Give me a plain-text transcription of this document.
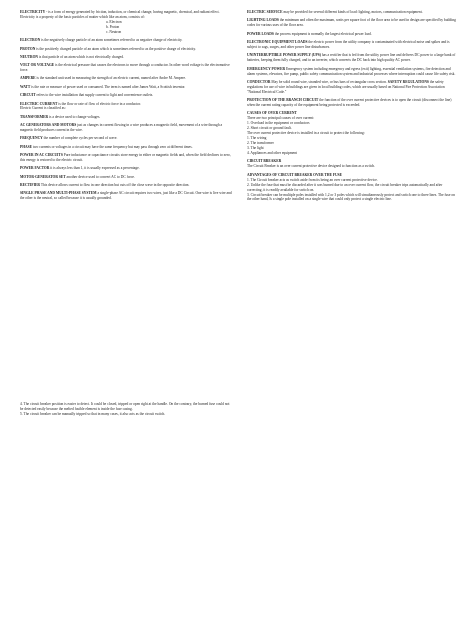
ELECTRICITY - is a form of energy generated by friction, induction, or chemical change, having magnetic, chemical, and radiant effect.
Electricity is a property of the basic particles of matter which like an atom, consists of:
a. Electron
b. Proton
c. Neutron

ELECTRON is the negatively charge particle of an atom sometimes referred to as negative charge of electricity.

PROTON is the positively charged particle of an atom which is sometimes referred to as the positive charge of electricity.

NEUTRON is that particle of an atom which is not electrically charged.

VOLT OR VOLTAGE is the electrical pressure that causes the electrons to move through a conductor. In other word voltage is the electromotive force.

AMPERE is the standard unit used in measuring the strength of an electric current, named after Andre M. Ampere.

WATT is the rate or measure of power used or consumed. The term is named after James Watt, a Scottish inventor.

CIRCUIT refers to the wire installation that supply current to light and convenience outlets.

ELECTRIC CURRENT is the flow or rate of flow of electric force in a conductor.
Electric Current is classified as:

TRANSFORMER is a device used to change voltages.

AC GENERATORS AND MOTORS just as changes in current flowing in a wire produces a magnetic field, movement of a wire through a magnetic field produces current in the wire.

FREQUENCY the number of complete cycles per second of wave.

PHASE two currents or voltages in a circuit may have the same frequency but may pass through zero at different times.

POWER IN AC CIRCUITS Pure inductance or capacitance circuits store energy in either or magnetic fields and, when the field declines to zero, this energy is restored to the electric circuit.

POWER FACTOR it is always less than 1, it is usually expressed as a percentage.

MOTOR-GENERATOR SET another device used to convert AC to DC force.

RECTIFIER This device allows current to flow in one direction but cuts off the close wave in the opposite direction.

SINGLE PHASE AND MULTI-PHASE SYSTEM a single-phase AC circuit requires two wires, just like a DC Circuit. One wire is live wire and the other is the neutral, so called because it is usually grounded.

4. The circuit breaker position is easier to detect. It could be closed, tripped or open right at the handle. On the contrary, the burned fuse could not be detected easily because the melted fusible element is inside the fuse casing.
5. The circuit breaker can be manually tripped so that in many cases, it also acts as the circuit switch.

ELECTRIC SERVICE may be provided for several different kinds of load: lighting, motors, communication equipment.

LIGHTING LOADS the minimum and often the maximum, watts per square foot of the floor area to be used in design are specified by building codes for various uses of the floor area.

POWER LOADS the process equipment is normally the largest electrical power load.

ELECTRONIC EQUIPMENT LOADS the electric power from the utility company is contaminated with electrical noise and spikes and is subject to sags, surges, and other power line disturbances.

UNINTERRUPTIBLE POWER SUPPLY (UPS) has a rectifier that is fed from the utility power line and delivers DC power to a large bank of batteries, keeping them fully charged, and to an inverter, which converts the DC back into high quality AC power.

EMERGENCY POWER Emergency system including emergency and egress (exit) lighting, essential ventilation systems, fire detection and alarm systems, elevators, fire pump, public safety communication system and industrial processes where interruption could cause life safety risk.

CONDUCTOR May be solid round wire, stranded wire, or bus bars of rectangular cross section. SAFETY REGULATIONS the safety regulations for use of wire in buildings are given in local building codes, which are usually based on National Fire Protection Association "National Electrical Code."

PROTECTION OF THE BRANCH CIRCUIT the function of the over current protective devices is to open the circuit (disconnect the line) when the current rating capacity of the equipment being protected is exceeded.

CAUSES OF OVER CURRENT
There are two principal causes of over current:
1. Overload in the equipment or conductors
2. Short circuit or ground fault.
The over current protective device is installed in a circuit to protect the following:
1. The wiring
2. The transformer
3. The light
4. Appliances and other equipment
CIRCUIT BREAKER
The Circuit Breaker is an over current protective device designed to function as a switch.
ADVANTAGES OF CIRCUIT BREAKER OVER THE FUSE
1. The Circuit breaker acts as switch aside from its being an over current protective device.
2. Unlike the fuse that must be discarded after it was burned due to an over current flow, the circuit breaker trips automatically and after correcting, it is readily available for switch on.
3. Circuit breaker can be multiple poles installed with 1,2 or 3 poles which will simultaneously protect and switch one to three lines. The fuse on the other hand, Is a single pole installed on a single wire that could only protect a single electric line.
